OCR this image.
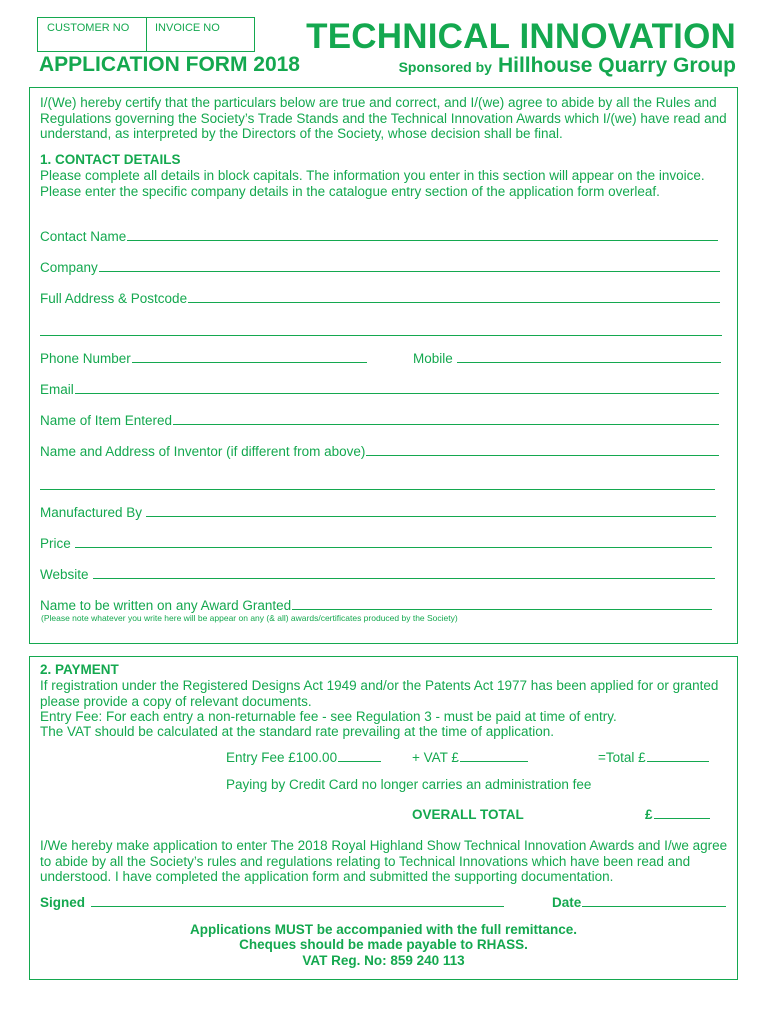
CUSTOMER NO	INVOICE NO	TECHNICAL INNOVATION
APPLICATION FORM 2018	Sponsored by Hillhouse Quarry Group
I/(We) hereby certify that the particulars below are true and correct, and I/(we) agree to abide by all the Rules and Regulations governing the Society’s Trade Stands and the Technical Innovation Awards which I/(we) have read and understand, as interpreted by the Directors of the Society, whose decision shall be final.
1. CONTACT DETAILS
Please complete all details in block capitals. The information you enter in this section will appear on the invoice. Please enter the specific company details in the catalogue entry section of the application form overleaf.
Contact Name
Company
Full Address & Postcode
Phone Number	Mobile
Email
Name of Item Entered
Name and Address of Inventor (if different from above)
Manufactured By
Price
Website
Name to be written on any Award Granted
(Please note whatever you write here will be appear on any (& all) awards/certificates produced by the Society)
2. PAYMENT
If registration under the Registered Designs Act 1949 and/or the Patents Act 1977 has been applied for or granted please provide a copy of relevant documents.
Entry Fee: For each entry a non-returnable fee - see Regulation 3 - must be paid at time of entry.
The VAT should be calculated at the standard rate prevailing at the time of application.
Entry Fee £100.00	+ VAT £	=Total £
Paying by Credit Card no longer carries an administration fee
OVERALL TOTAL	£
I/We hereby make application to enter The 2018 Royal Highland Show Technical Innovation Awards and I/we agree to abide by all the Society’s rules and regulations relating to Technical Innovations which have been read and understood. I have completed the application form and submitted the supporting documentation.
Signed	Date
Applications MUST be accompanied with the full remittance.
Cheques should be made payable to RHASS.
VAT Reg. No: 859 240 113
